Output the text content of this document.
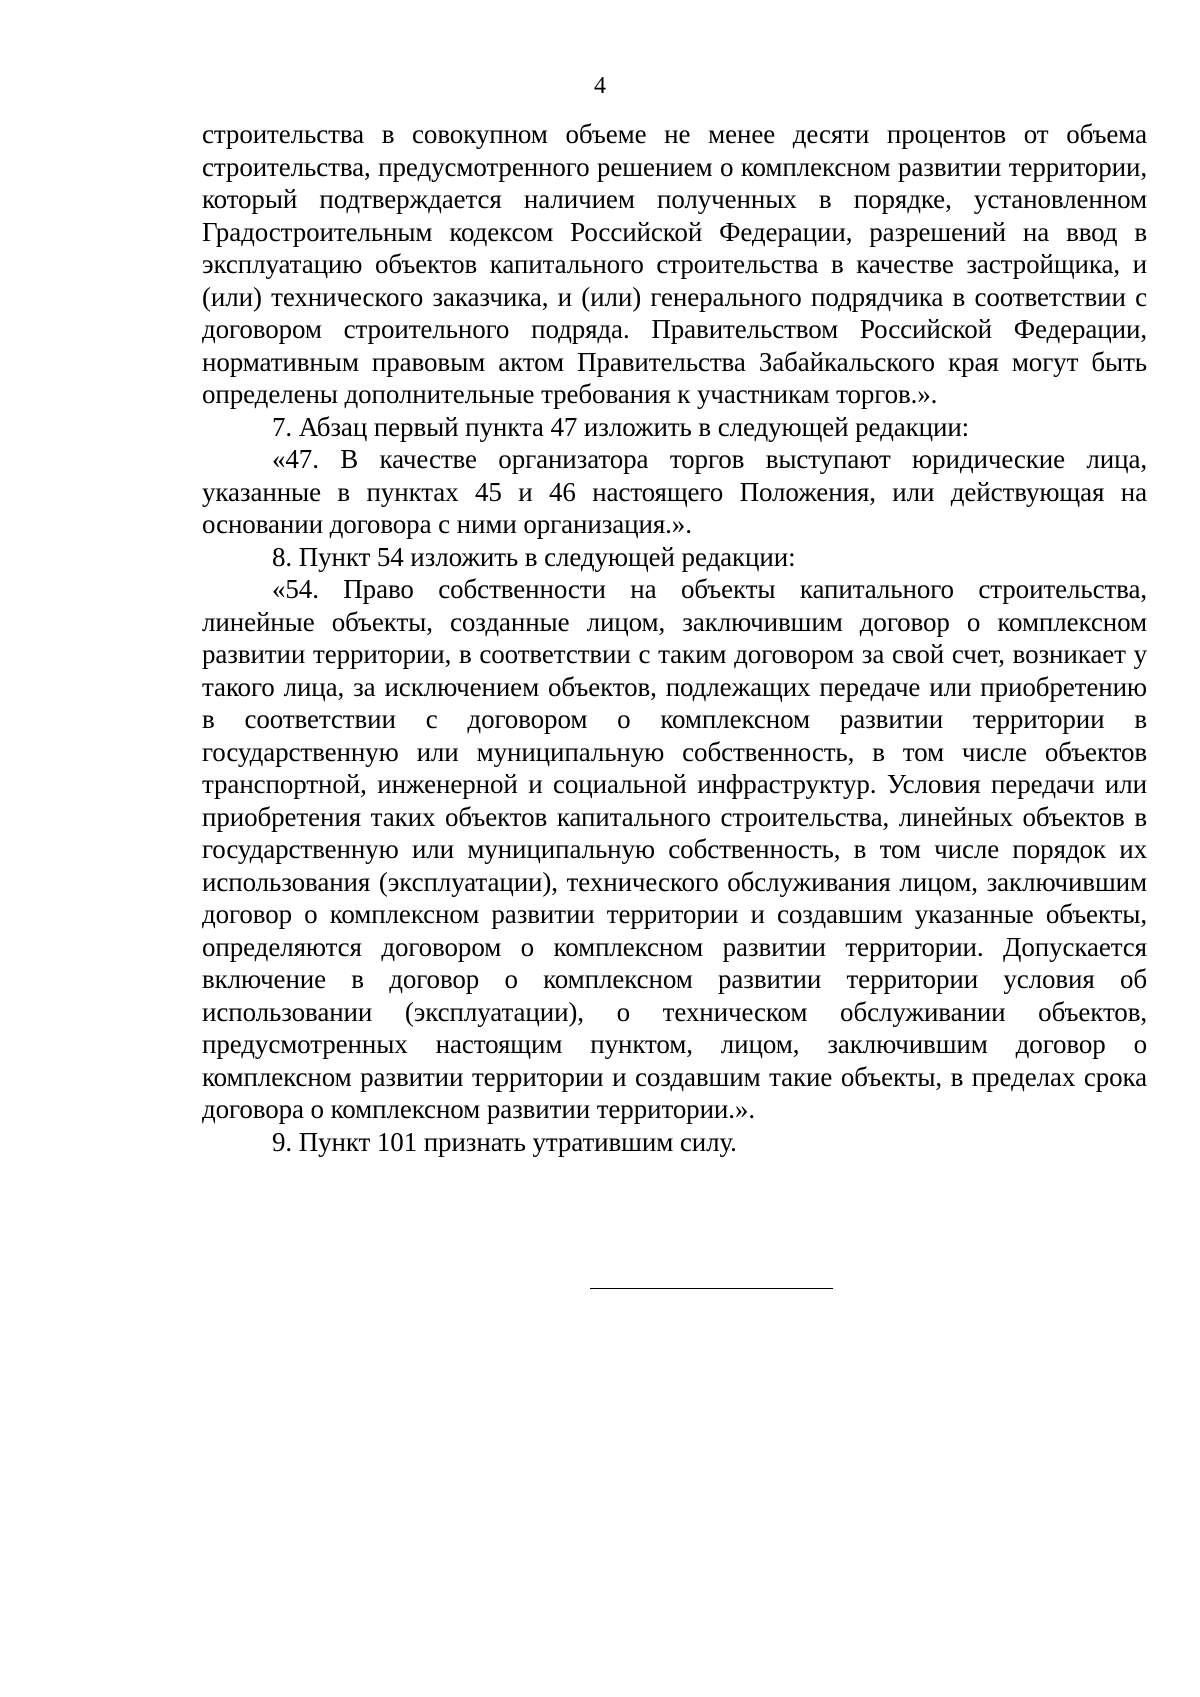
4

строительства в совокупном объеме не менее десяти процентов от объема строительства, предусмотренного решением о комплексном развитии территории, который подтверждается наличием полученных в порядке, установленном Градостроительным кодексом Российской Федерации, разрешений на ввод в эксплуатацию объектов капитального строительства в качестве застройщика, и (или) технического заказчика, и (или) генерального подрядчика в соответствии с договором строительного подряда. Правительством Российской Федерации, нормативным правовым актом Правительства Забайкальского края могут быть определены дополнительные требования к участникам торгов.».

7. Абзац первый пункта 47 изложить в следующей редакции:

«47. В качестве организатора торгов выступают юридические лица, указанные в пунктах 45 и 46 настоящего Положения, или действующая на основании договора с ними организация.».

8. Пункт 54 изложить в следующей редакции:

«54. Право собственности на объекты капитального строительства, линейные объекты, созданные лицом, заключившим договор о комплексном развитии территории, в соответствии с таким договором за свой счет, возникает у такого лица, за исключением объектов, подлежащих передаче или приобретению в соответствии с договором о комплексном развитии территории в государственную или муниципальную собственность, в том числе объектов транспортной, инженерной и социальной инфраструктур. Условия передачи или приобретения таких объектов капитального строительства, линейных объектов в государственную или муниципальную собственность, в том числе порядок их использования (эксплуатации), технического обслуживания лицом, заключившим договор о комплексном развитии территории и создавшим указанные объекты, определяются договором о комплексном развитии территории. Допускается включение в договор о комплексном развитии территории условия об использовании (эксплуатации), о техническом обслуживании объектов, предусмотренных настоящим пунктом, лицом, заключившим договор о комплексном развитии территории и создавшим такие объекты, в пределах срока договора о комплексном развитии территории.».

9. Пункт 101 признать утратившим силу.
